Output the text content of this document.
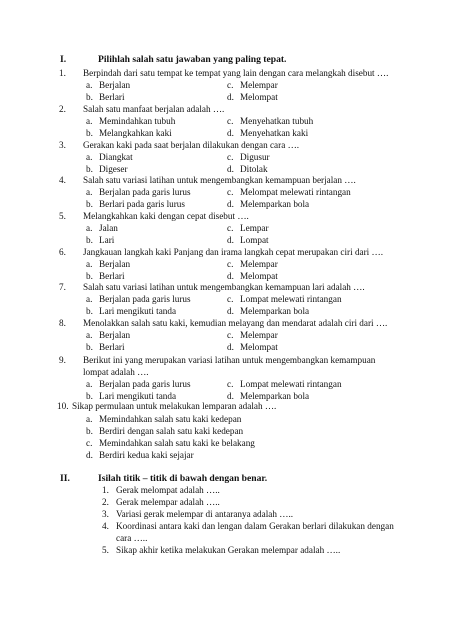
I.	Pilihlah salah satu jawaban yang paling tepat.
1. Berpindah dari satu tempat ke tempat yang lain dengan cara melangkah disebut ….
a. Berjalan	c. Melempar
b. Berlari	d. Melompat
2. Salah satu manfaat berjalan adalah ….
a. Memindahkan tubuh	c. Menyehatkan tubuh
b. Melangkahkan kaki	d. Menyehatkan kaki
3. Gerakan kaki pada saat berjalan dilakukan dengan cara ….
a. Diangkat	c. Digusur
b. Digeser	d. Ditolak
4. Salah satu variasi latihan untuk mengembangkan kemampuan berjalan ….
a. Berjalan pada garis lurus	c. Melompat melewati rintangan
b. Berlari pada garis lurus	d. Melemparkan bola
5. Melangkahkan kaki dengan cepat disebut ….
a. Jalan	c. Lempar
b. Lari	d. Lompat
6. Jangkauan langkah kaki Panjang dan irama langkah cepat merupakan ciri dari ….
a. Berjalan	c. Melempar
b. Berlari	d. Melompat
7. Salah satu variasi latihan untuk mengembangkan kemampuan lari adalah ….
a. Berjalan pada garis lurus	c. Lompat melewati rintangan
b. Lari mengikuti tanda	d. Melemparkan bola
8. Menolakkan salah satu kaki, kemudian melayang dan mendarat adalah ciri dari ….
a. Berjalan	c. Melempar
b. Berlari	d. Melompat
9. Berikut ini yang merupakan variasi latihan untuk mengembangkan kemampuan
lompat adalah ….
a. Berjalan pada garis lurus	c. Lompat melewati rintangan
b. Lari mengikuti tanda	d. Melemparkan bola
10. Sikap permulaan untuk melakukan lemparan adalah ….
a. Memindahkan salah satu kaki kedepan
b. Berdiri dengan salah satu kaki kedepan
c. Memindahkan salah satu kaki ke belakang
d. Berdiri kedua kaki sejajar
II.	Isilah titik – titik di bawah dengan benar.
1. Gerak melompat adalah …..
2. Gerak melempar adalah …..
3. Variasi gerak melempar di antaranya adalah …..
4. Koordinasi antara kaki dan lengan dalam Gerakan berlari dilakukan dengan
cara …..
5. Sikap akhir ketika melakukan Gerakan melempar adalah …..
